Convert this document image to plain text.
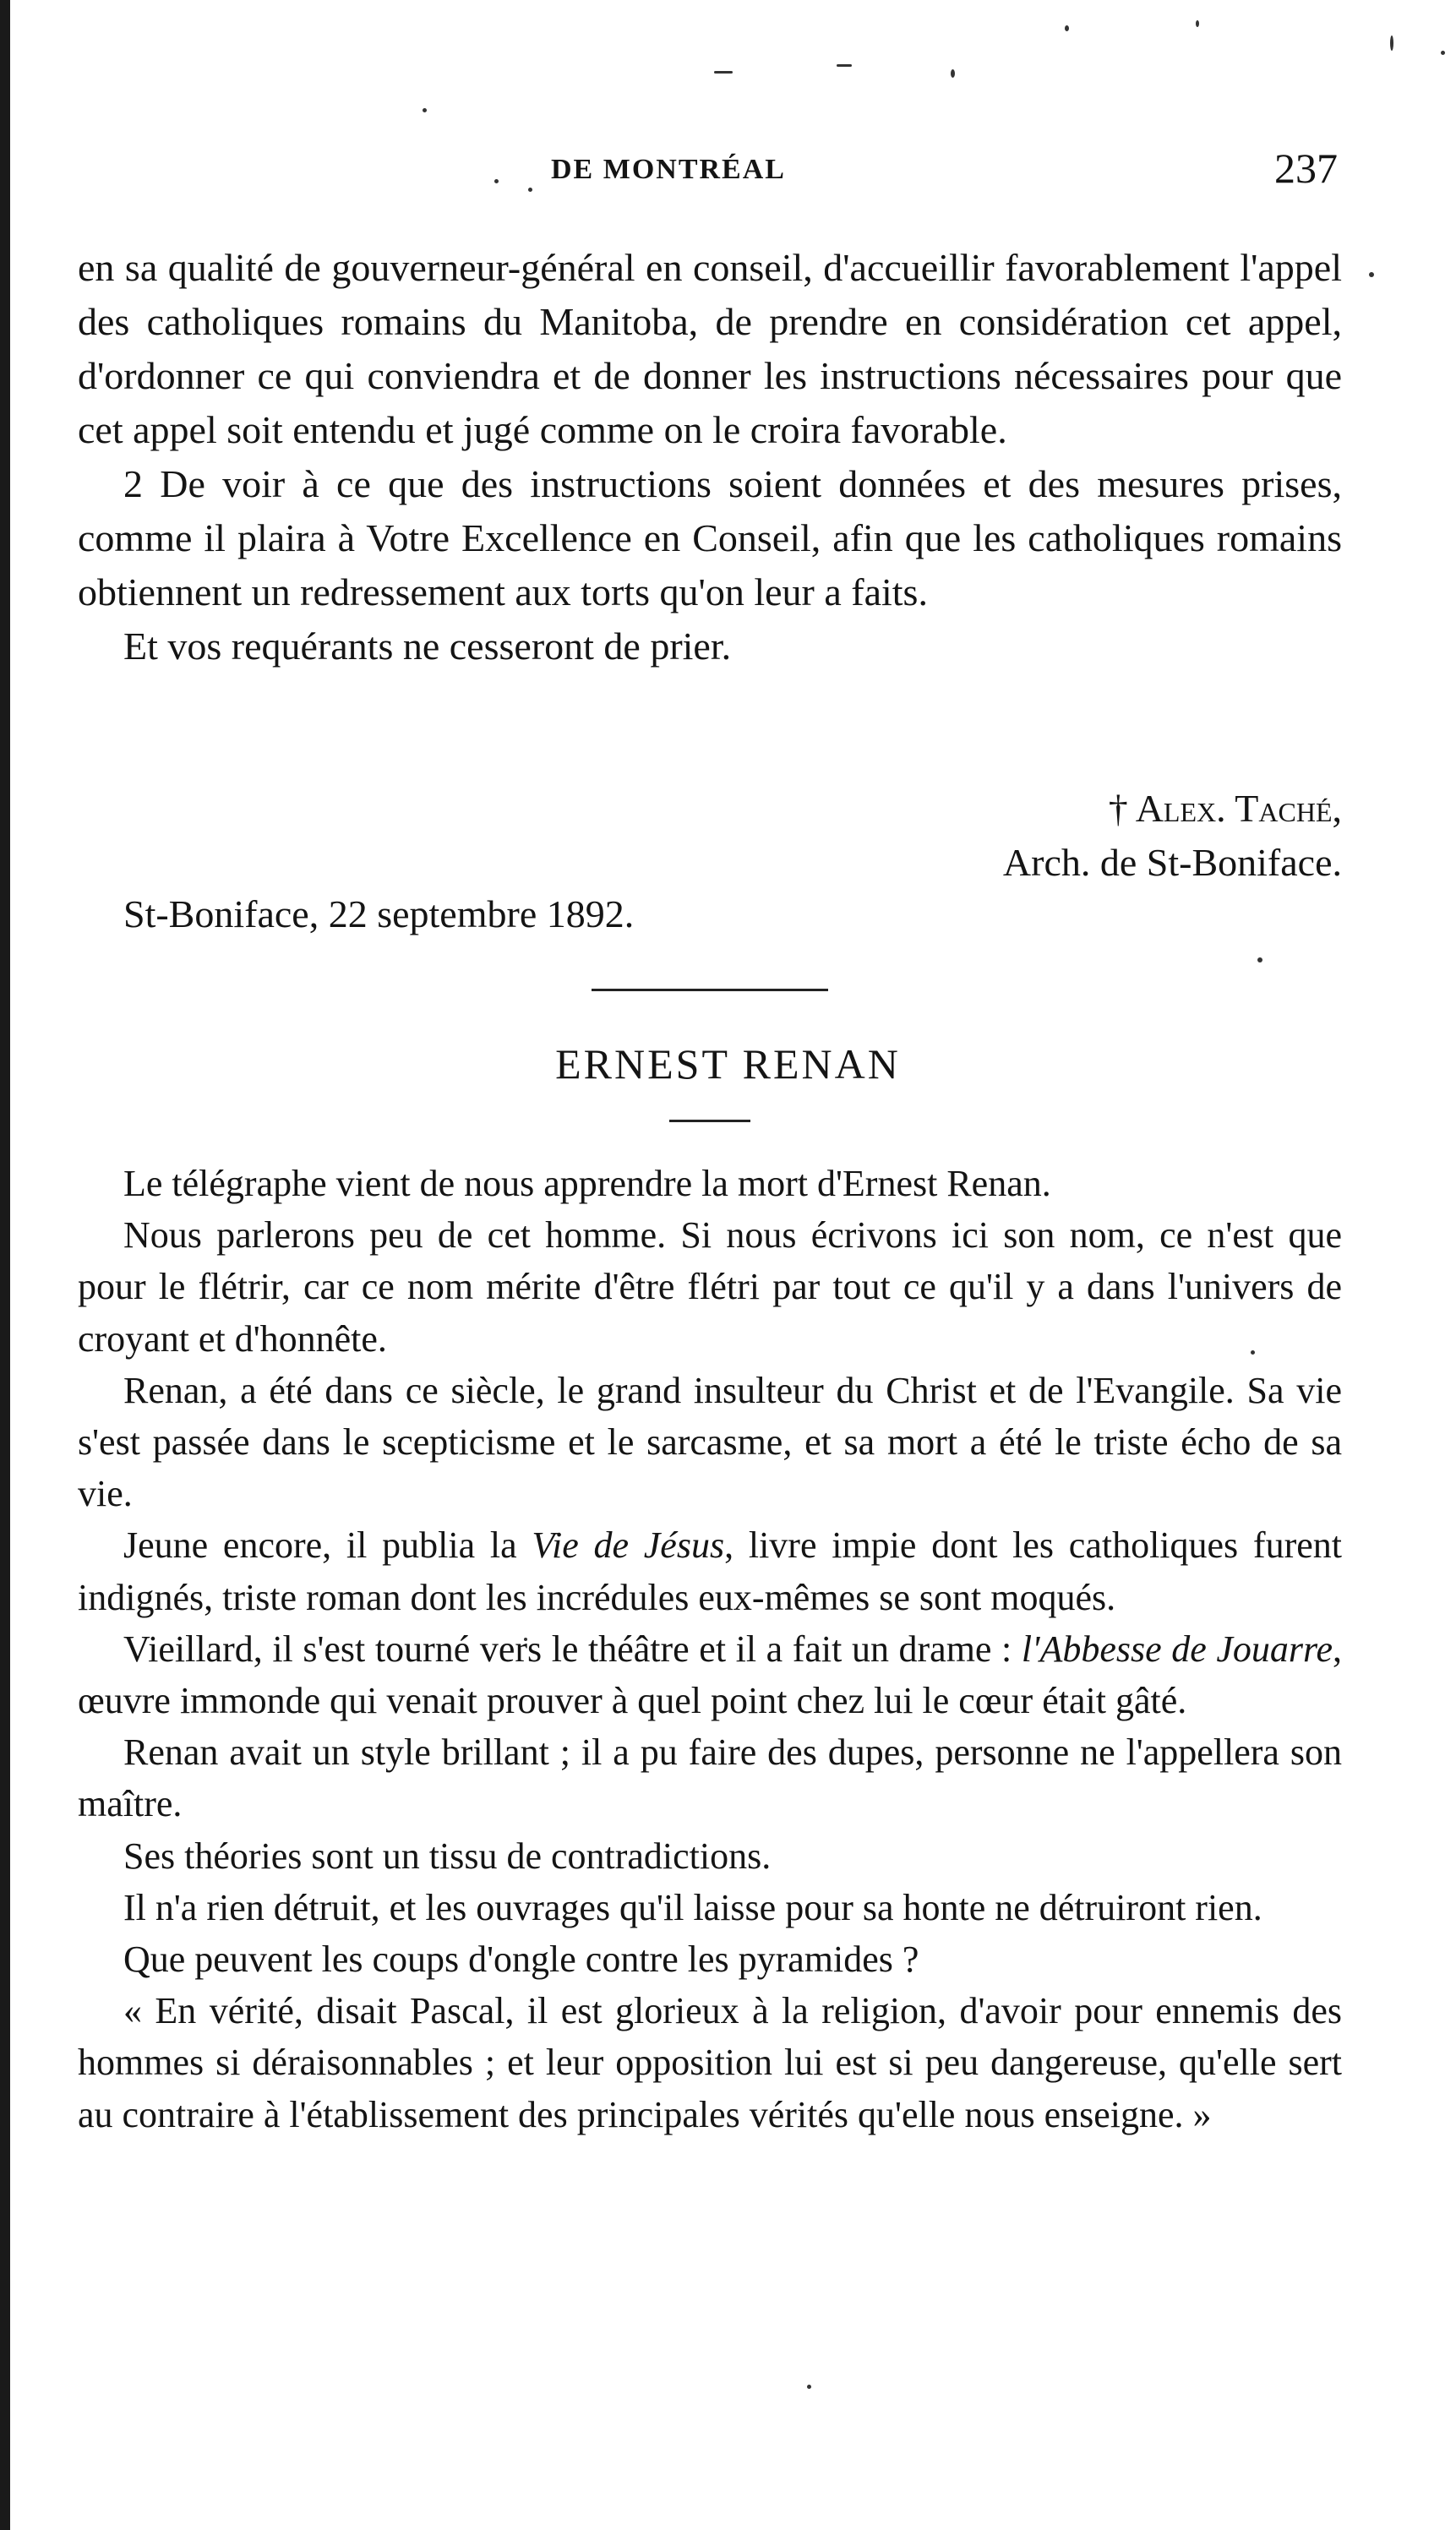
DE MONTRÉAL	237

en sa qualité de gouverneur-général en conseil, d'accueillir favorablement l'appel des catholiques romains du Manitoba, de prendre en considération cet appel, d'ordonner ce qui conviendra et de donner les instructions nécessaires pour que cet appel soit entendu et jugé comme on le croira favorable.

2 De voir à ce que des instructions soient données et des mesures prises, comme il plaira à Votre Excellence en Conseil, afin que les catholiques romains obtiennent un redressement aux torts qu'on leur a faits.

Et vos requérants ne cesseront de prier.

† Alex. Taché,
Arch. de St-Boniface.
St-Boniface, 22 septembre 1892.
ERNEST RENAN

Le télégraphe vient de nous apprendre la mort d'Ernest Renan.

Nous parlerons peu de cet homme. Si nous écrivons ici son nom, ce n'est que pour le flétrir, car ce nom mérite d'être flétri par tout ce qu'il y a dans l'univers de croyant et d'honnête.

Renan, a été dans ce siècle, le grand insulteur du Christ et de l'Evangile. Sa vie s'est passée dans le scepticisme et le sarcasme, et sa mort a été le triste écho de sa vie.

Jeune encore, il publia la Vie de Jésus, livre impie dont les catholiques furent indignés, triste roman dont les incrédules eux-mêmes se sont moqués.

Vieillard, il s'est tourné vers le théâtre et il a fait un drame : l'Abbesse de Jouarre, œuvre immonde qui venait prouver à quel point chez lui le cœur était gâté.

Renan avait un style brillant ; il a pu faire des dupes, personne ne l'appellera son maître.

Ses théories sont un tissu de contradictions.

Il n'a rien détruit, et les ouvrages qu'il laisse pour sa honte ne détruiront rien.

Que peuvent les coups d'ongle contre les pyramides ?

« En vérité, disait Pascal, il est glorieux à la religion, d'avoir pour ennemis des hommes si déraisonnables ; et leur opposition lui est si peu dangereuse, qu'elle sert au contraire à l'établissement des principales vérités qu'elle nous enseigne. »
